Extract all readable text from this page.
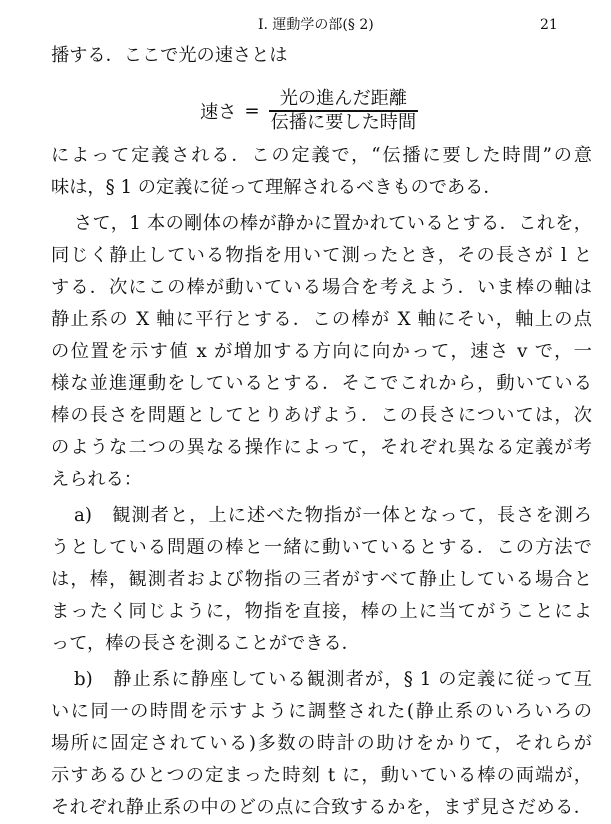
I. 運動学の部(§ 2)	21
播する．ここで光の速さとは
速さ = $\frac{\text{光の進んだ距離}}{\text{伝播に要した時間}}$
によって定義される．この定義で，“伝播に要した時間”の意
味は，§ 1 の定義に従って理解されるべきものである．
さて，1 本の剛体の棒が静かに置かれているとする．これを，
同じく静止している物指を用いて測ったとき，その長さが l と
する．次にこの棒が動いている場合を考えよう．いま棒の軸は
静止系の X 軸に平行とする．この棒が X 軸にそい，軸上の点
の位置を示す値 x が増加する方向に向かって，速さ v で，一
様な並進運動をしているとする．そこでこれから，動いている
棒の長さを問題としてとりあげよう．この長さについては，次
のような二つの異なる操作によって，それぞれ異なる定義が考
えられる：
a)　観測者と，上に述べた物指が一体となって，長さを測ろ
うとしている問題の棒と一緒に動いているとする．この方法で
は，棒，観測者および物指の三者がすべて静止している場合と
まったく同じように，物指を直接，棒の上に当てがうことによ
って，棒の長さを測ることができる．
b)　静止系に静座している観測者が，§ 1 の定義に従って互
いに同一の時間を示すように調整された(静止系のいろいろの
場所に固定されている)多数の時計の助けをかりて，それらが
示すあるひとつの定まった時刻 t に，動いている棒の両端が，
それぞれ静止系の中のどの点に合致するかを，まず見さだめる．
